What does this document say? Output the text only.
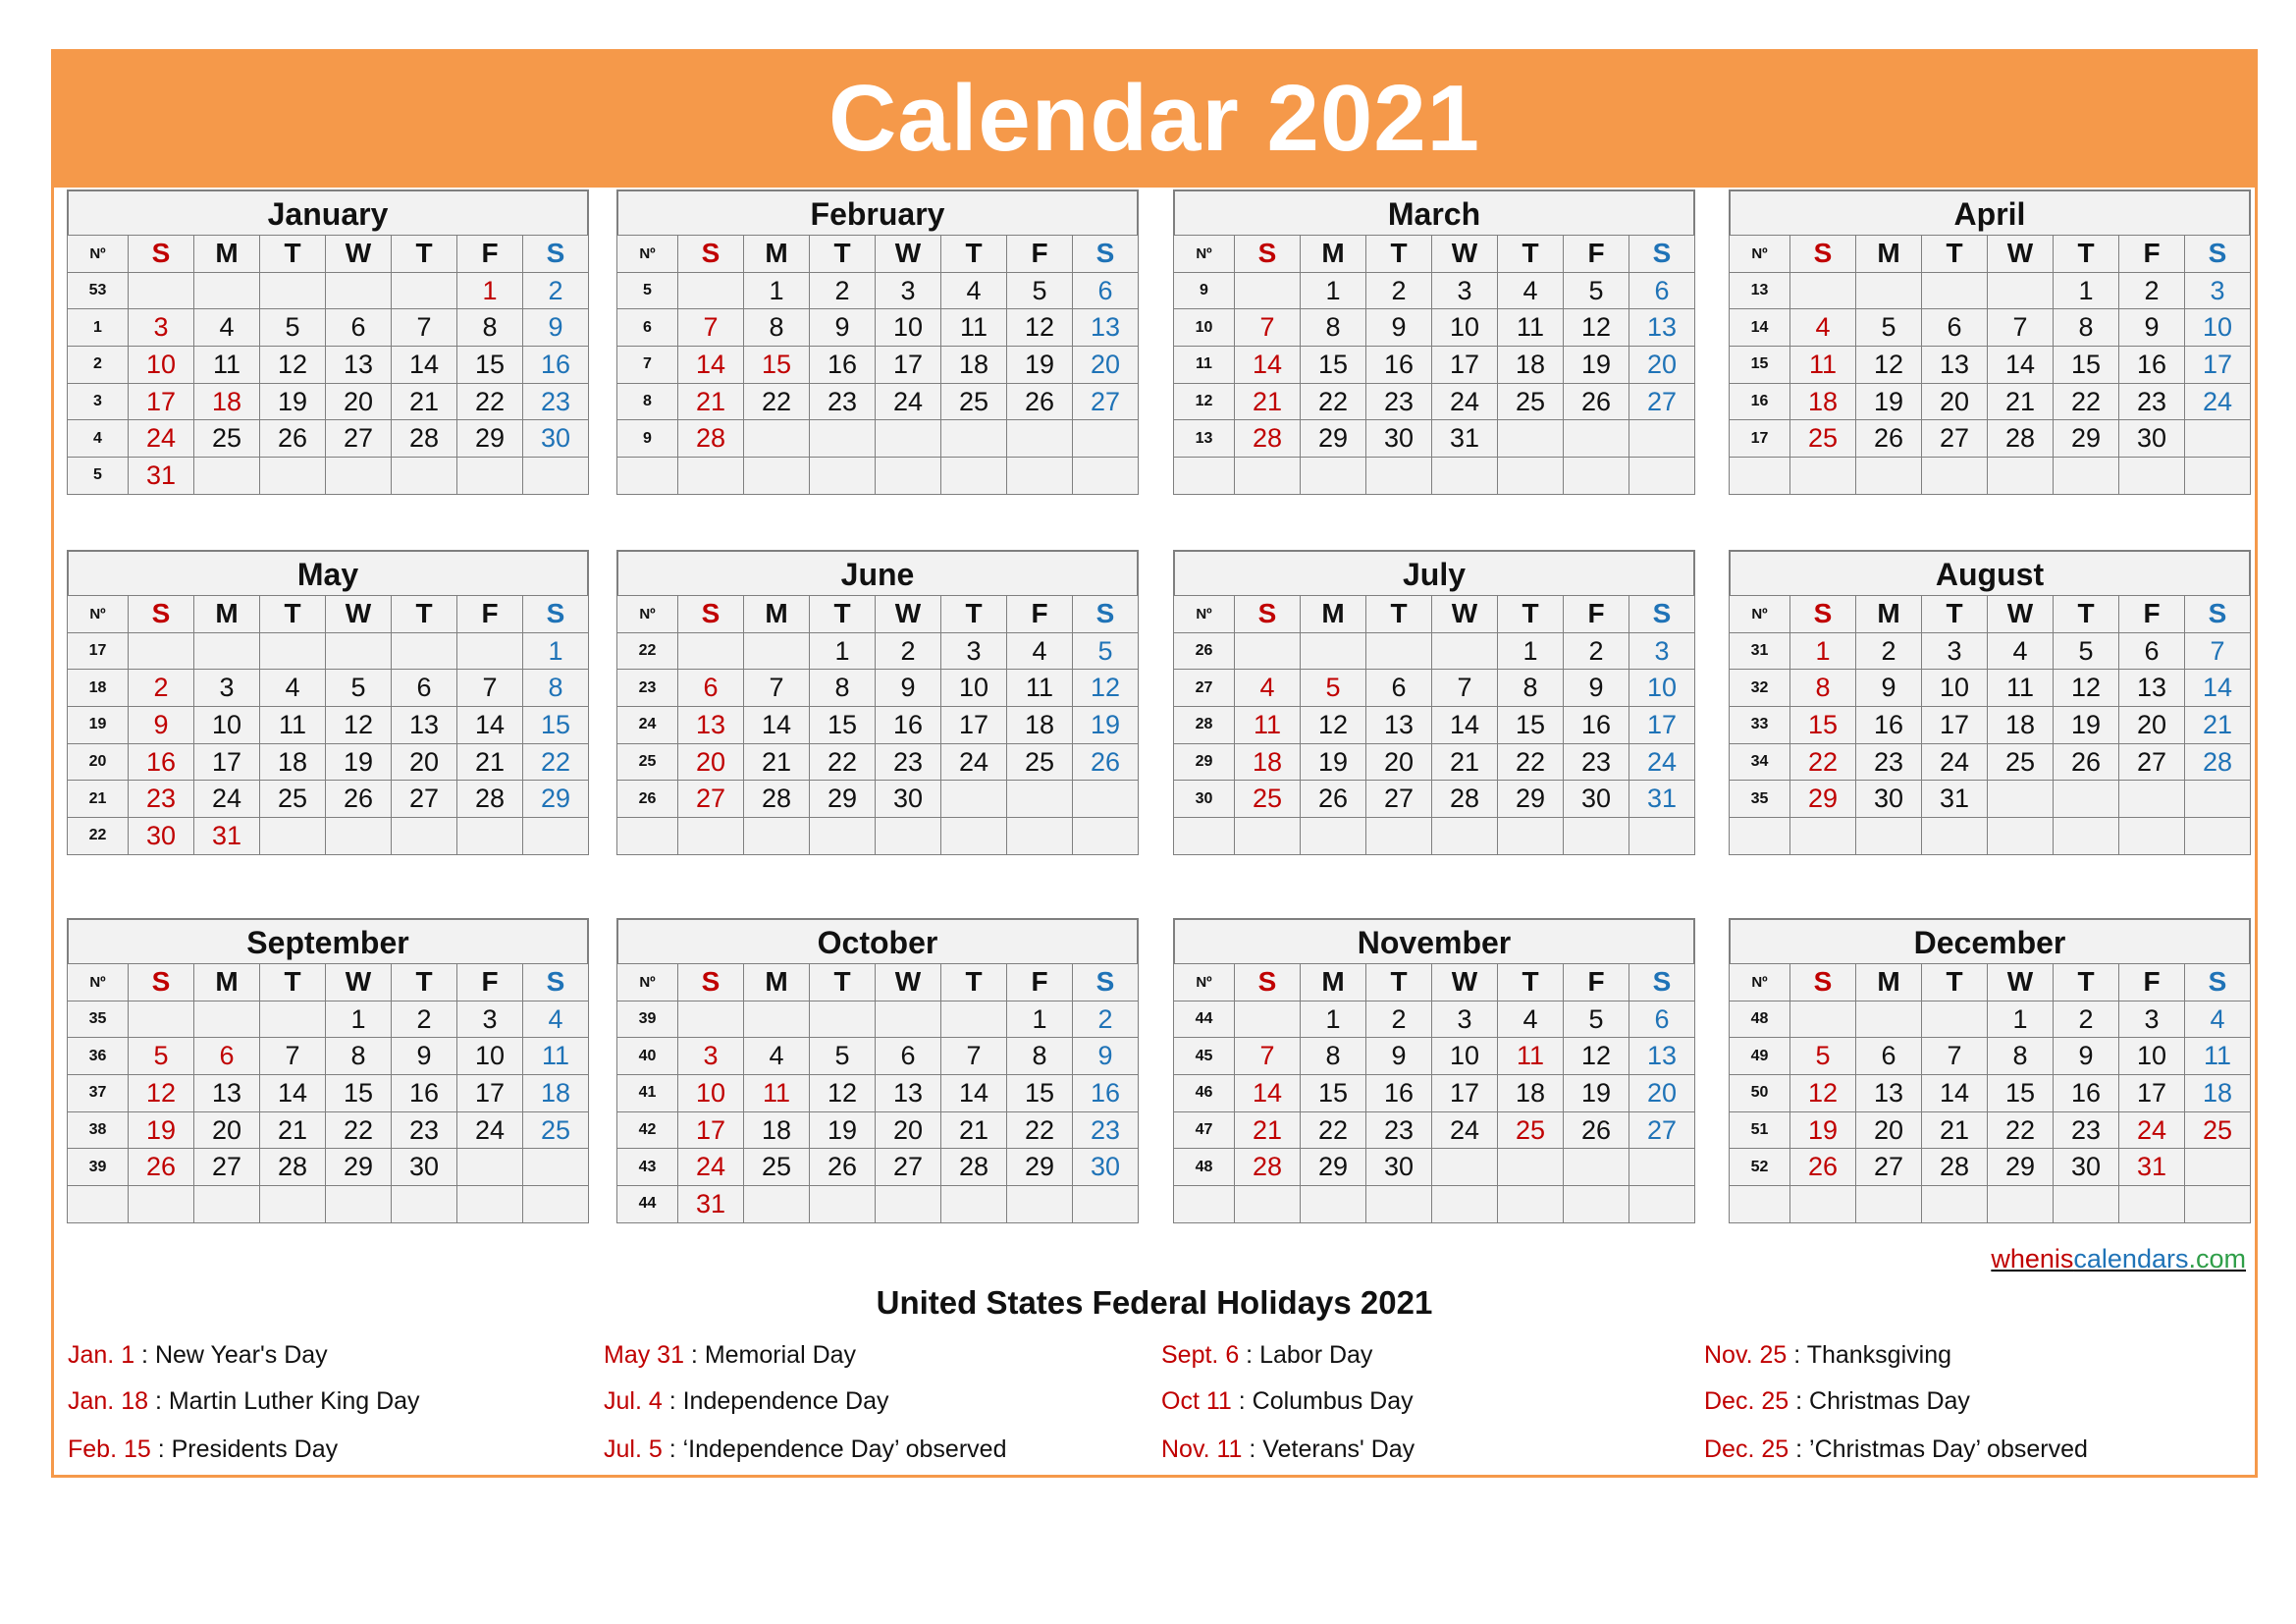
Calendar 2021
January
Nº	S	M	T	W	T	F	S
53						1	2
1	3	4	5	6	7	8	9
2	10	11	12	13	14	15	16
3	17	18	19	20	21	22	23
4	24	25	26	27	28	29	30
5	31						
February
Nº	S	M	T	W	T	F	S
5		1	2	3	4	5	6
6	7	8	9	10	11	12	13
7	14	15	16	17	18	19	20
8	21	22	23	24	25	26	27
9	28						

March
Nº	S	M	T	W	T	F	S
9		1	2	3	4	5	6
10	7	8	9	10	11	12	13
11	14	15	16	17	18	19	20
12	21	22	23	24	25	26	27
13	28	29	30	31			

April
Nº	S	M	T	W	T	F	S
13					1	2	3
14	4	5	6	7	8	9	10
15	11	12	13	14	15	16	17
16	18	19	20	21	22	23	24
17	25	26	27	28	29	30	

May
Nº	S	M	T	W	T	F	S
17							1
18	2	3	4	5	6	7	8
19	9	10	11	12	13	14	15
20	16	17	18	19	20	21	22
21	23	24	25	26	27	28	29
22	30	31					
June
Nº	S	M	T	W	T	F	S
22			1	2	3	4	5
23	6	7	8	9	10	11	12
24	13	14	15	16	17	18	19
25	20	21	22	23	24	25	26
26	27	28	29	30			

July
Nº	S	M	T	W	T	F	S
26					1	2	3
27	4	5	6	7	8	9	10
28	11	12	13	14	15	16	17
29	18	19	20	21	22	23	24
30	25	26	27	28	29	30	31

August
Nº	S	M	T	W	T	F	S
31	1	2	3	4	5	6	7
32	8	9	10	11	12	13	14
33	15	16	17	18	19	20	21
34	22	23	24	25	26	27	28
35	29	30	31				

September
Nº	S	M	T	W	T	F	S
35				1	2	3	4
36	5	6	7	8	9	10	11
37	12	13	14	15	16	17	18
38	19	20	21	22	23	24	25
39	26	27	28	29	30		

October
Nº	S	M	T	W	T	F	S
39						1	2
40	3	4	5	6	7	8	9
41	10	11	12	13	14	15	16
42	17	18	19	20	21	22	23
43	24	25	26	27	28	29	30
44	31						
November
Nº	S	M	T	W	T	F	S
44		1	2	3	4	5	6
45	7	8	9	10	11	12	13
46	14	15	16	17	18	19	20
47	21	22	23	24	25	26	27
48	28	29	30				

December
Nº	S	M	T	W	T	F	S
48				1	2	3	4
49	5	6	7	8	9	10	11
50	12	13	14	15	16	17	18
51	19	20	21	22	23	24	25
52	26	27	28	29	30	31	

wheniscalendars.com
United States Federal Holidays 2021
Jan. 1 : New Year's Day
Jan. 18 : Martin Luther King Day
Feb. 15 : Presidents Day
May 31 : Memorial Day
Jul. 4 : Independence Day
Jul. 5 : ‘Independence Day’ observed
Sept. 6 : Labor Day
Oct 11 : Columbus Day
Nov. 11 : Veterans' Day
Nov. 25 : Thanksgiving
Dec. 25 : Christmas Day
Dec. 25 : ’Christmas Day’ observed
